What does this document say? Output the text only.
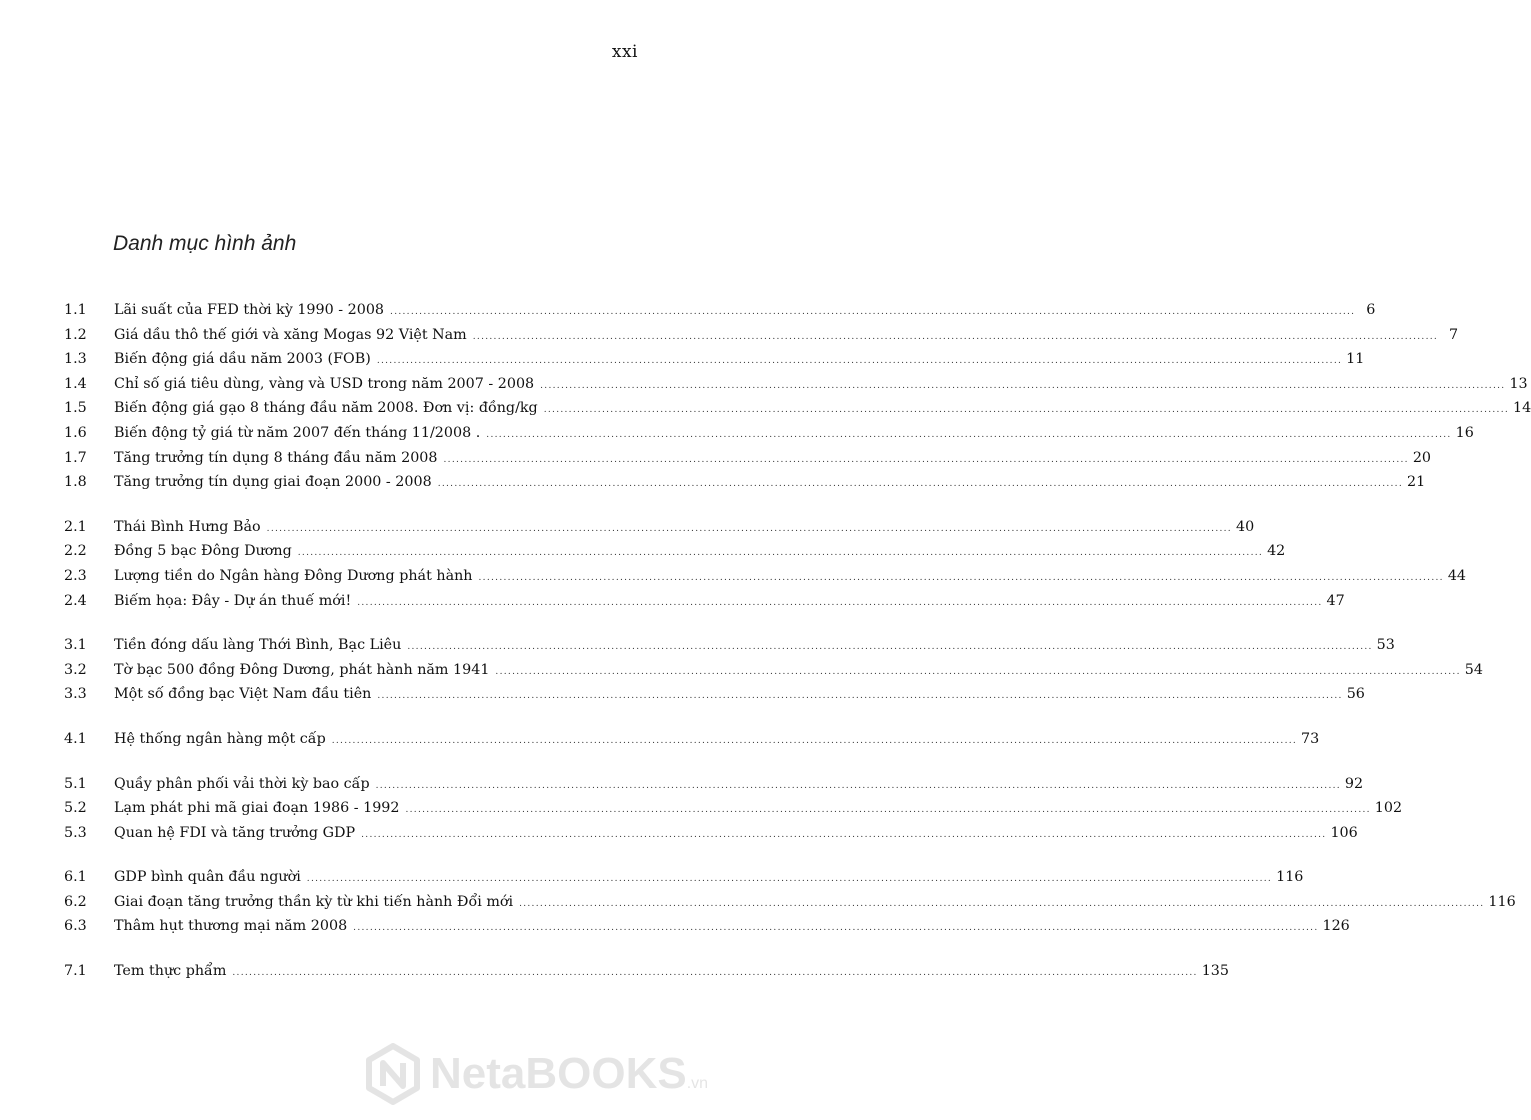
xxi
Danh mục hình ảnh
1.1	Lãi suất của FED thời kỳ 1990 - 2008 .....	6
1.2	Giá dầu thô thế giới và xăng Mogas 92 Việt Nam .....	7
1.3	Biến động giá dầu năm 2003 (FOB) .....	11
1.4	Chỉ số giá tiêu dùng, vàng và USD trong năm 2007 - 2008 .....	13
1.5	Biến động giá gạo 8 tháng đầu năm 2008. Đơn vị: đồng/kg .....	14
1.6	Biến động tỷ giá từ năm 2007 đến tháng 11/2008 . .....	16
1.7	Tăng trưởng tín dụng 8 tháng đầu năm 2008 .....	20
1.8	Tăng trưởng tín dụng giai đoạn 2000 - 2008 .....	21
2.1	Thái Bình Hưng Bảo .....	40
2.2	Đồng 5 bạc Đông Dương .....	42
2.3	Lượng tiền do Ngân hàng Đông Dương phát hành .....	44
2.4	Biếm họa: Đây - Dự án thuế mới! .....	47
3.1	Tiền đóng dấu làng Thới Bình, Bạc Liêu .....	53
3.2	Tờ bạc 500 đồng Đông Dương, phát hành năm 1941 .....	54
3.3	Một số đồng bạc Việt Nam đầu tiên .....	56
4.1	Hệ thống ngân hàng một cấp .....	73
5.1	Quầy phân phối vải thời kỳ bao cấp .....	92
5.2	Lạm phát phi mã giai đoạn 1986 - 1992 .....	102
5.3	Quan hệ FDI và tăng trưởng GDP .....	106
6.1	GDP bình quân đầu người .....	116
6.2	Giai đoạn tăng trưởng thần kỳ từ khi tiến hành Đổi mới .....	116
6.3	Thâm hụt thương mại năm 2008 .....	126
7.1	Tem thực phẩm .....	135
NetaBOOKS.vn
